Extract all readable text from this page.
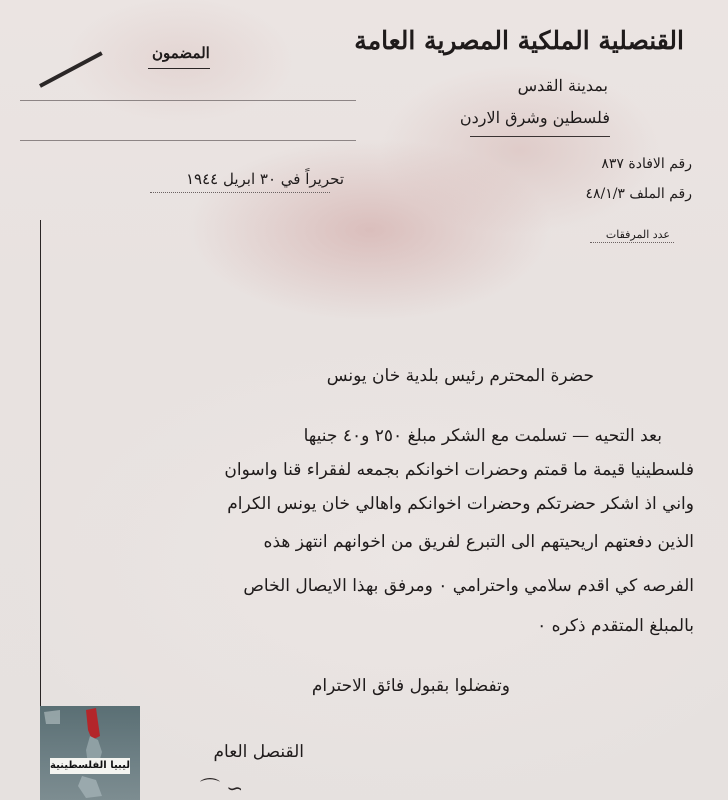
القنصلية الملكية المصرية العامة
بمدينة القدس
فلسطين وشرق الاردن
المضمون
رقم الافادة ٨٣٧
رقم الملف ٤٨/١/٣
عدد المرفقات
تحريراً في ٣٠ ابريل ١٩٤٤
حضرة المحترم رئيس بلدية خان يونس
بعد التحيه — تسلمت مع الشكر مبلغ ٢٥٠ و٤٠ جنيها
فلسطينيا قيمة ما قمتم وحضرات اخوانكم بجمعه لفقراء قنا واسوان
واني اذ اشكر حضرتكم وحضرات اخوانكم واهالي خان يونس الكرام
الذين دفعتهم اريحيتهم الى التبرع لفريق من اخوانهم انتهز هذه
الفرصه كي اقدم سلامي واحترامي ٠ ومرفق بهذا الايصال الخاص
بالمبلغ المتقدم ذكره ٠
وتفضلوا بقبول فائق الاحترام
القنصل العام
⌒ ∽
ليبيا الفلسطينية
